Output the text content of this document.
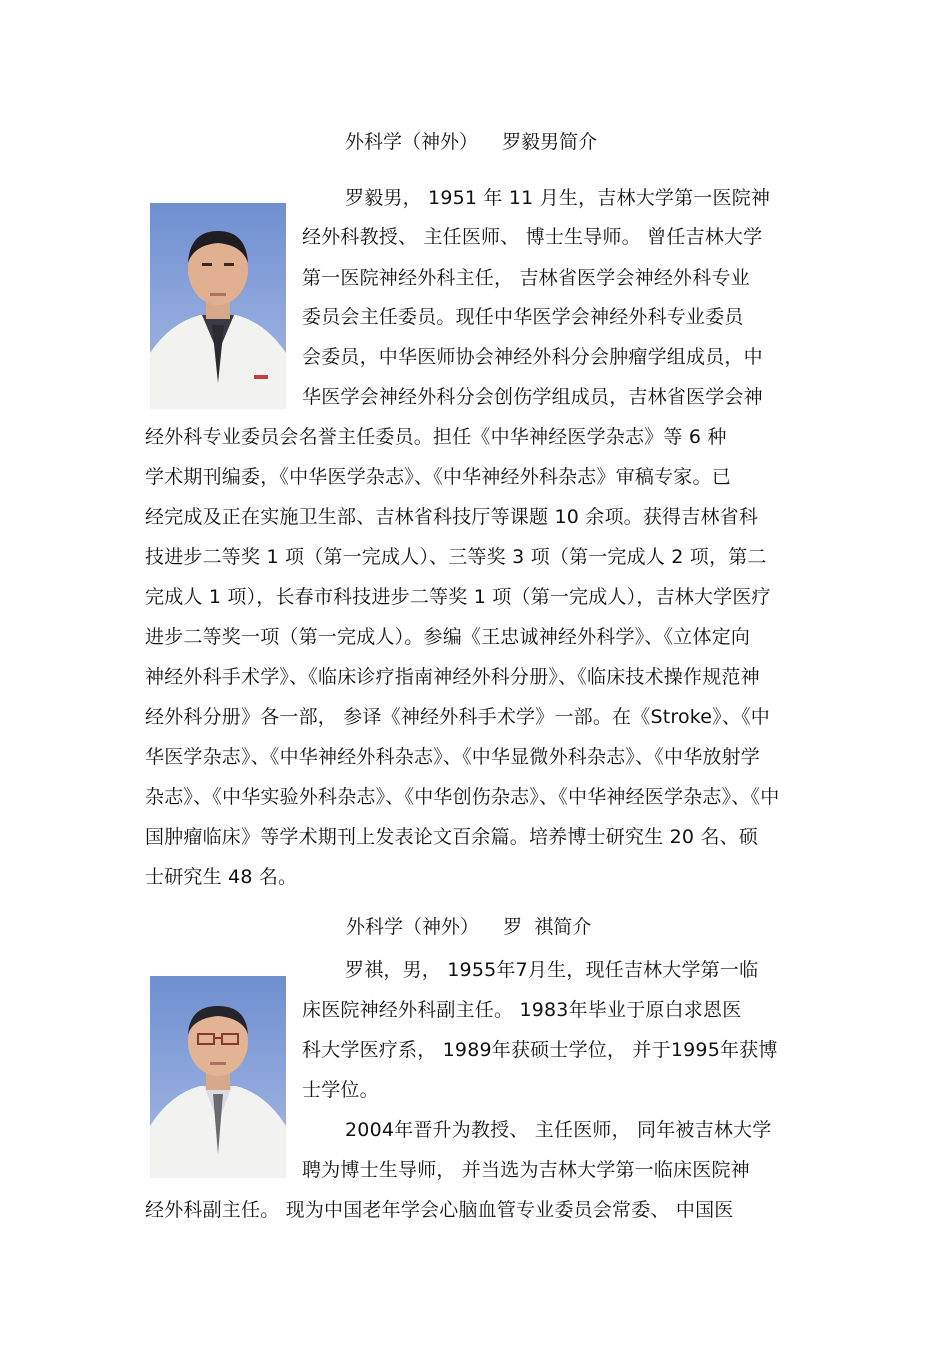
外科学（神外）    罗毅男简介
罗毅男， 1951 年 11 月生，吉林大学第一医院神
经外科教授、 主任医师、 博士生导师。 曾任吉林大学
第一医院神经外科主任， 吉林省医学会神经外科专业
委员会主任委员。现任中华医学会神经外科专业委员
会委员，中华医师协会神经外科分会肿瘤学组成员，中
华医学会神经外科分会创伤学组成员，吉林省医学会神
经外科专业委员会名誉主任委员。担任《中华神经医学杂志》等 6 种
学术期刊编委，《中华医学杂志》、《中华神经外科杂志》审稿专家。已
经完成及正在实施卫生部、吉林省科技厅等课题 10 余项。获得吉林省科
技进步二等奖 1 项（第一完成人）、三等奖 3 项（第一完成人 2 项，第二
完成人 1 项），长春市科技进步二等奖 1 项（第一完成人），吉林大学医疗
进步二等奖一项（第一完成人）。参编《王忠诚神经外科学》、《立体定向
神经外科手术学》、《临床诊疗指南神经外科分册》、《临床技术操作规范神
经外科分册》各一部， 参译《神经外科手术学》一部。在《Stroke》、《中
华医学杂志》、《中华神经外科杂志》、《中华显微外科杂志》、《中华放射学
杂志》、《中华实验外科杂志》、《中华创伤杂志》、《中华神经医学杂志》、《中
国肿瘤临床》等学术期刊上发表论文百余篇。培养博士研究生 20 名、硕
士研究生 48 名。
外科学（神外）    罗  祺简介
罗祺，男， 1955年7月生，现任吉林大学第一临
床医院神经外科副主任。 1983年毕业于原白求恩医
科大学医疗系， 1989年获硕士学位， 并于1995年获博
士学位。
2004年晋升为教授、 主任医师， 同年被吉林大学
聘为博士生导师， 并当选为吉林大学第一临床医院神
经外科副主任。 现为中国老年学会心脑血管专业委员会常委、 中国医
